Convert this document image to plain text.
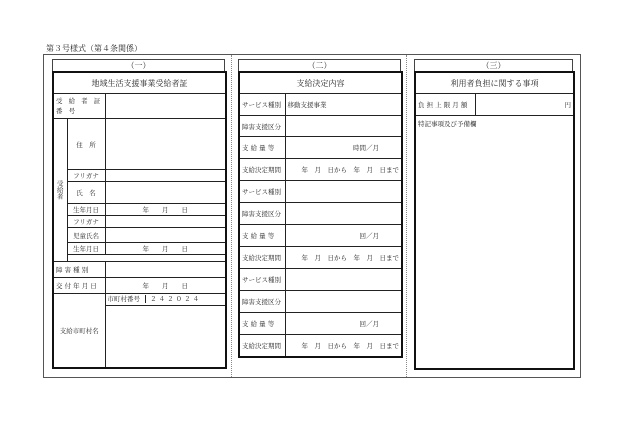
第３号様式（第４条関係）
（一）
地域生活支援事業受給者証		
受 給 者 証 番 号		
受給者	住　所	
	フリガナ	
	氏　名	
	生年月日	年　　月　　日
	フリガナ	
	児童氏名	
	生年月日	年　　月　　日

障 害 種 別		
交 付 年 月 日		年　　月　　日
支給市町村名		市町村番号 ２４２０２４
（二）
支給決定内容	
サービス種別	移動支援事業
障害支援区分	
支 給 量 等	時間／月
支給決定期間	年　月　日から　年　月　日まで
サービス種別	
障害支援区分	
支 給 量 等	回／月
支給決定期間	年　月　日から　年　月　日まで
サービス種別	
障害支援区分	
支 給 量 等	回／月
支給決定期間	年　月　日から　年　月　日まで
（三）
利用者負担に関する事項
負 担 上 限 月 額	円
特記事項及び予備欄
